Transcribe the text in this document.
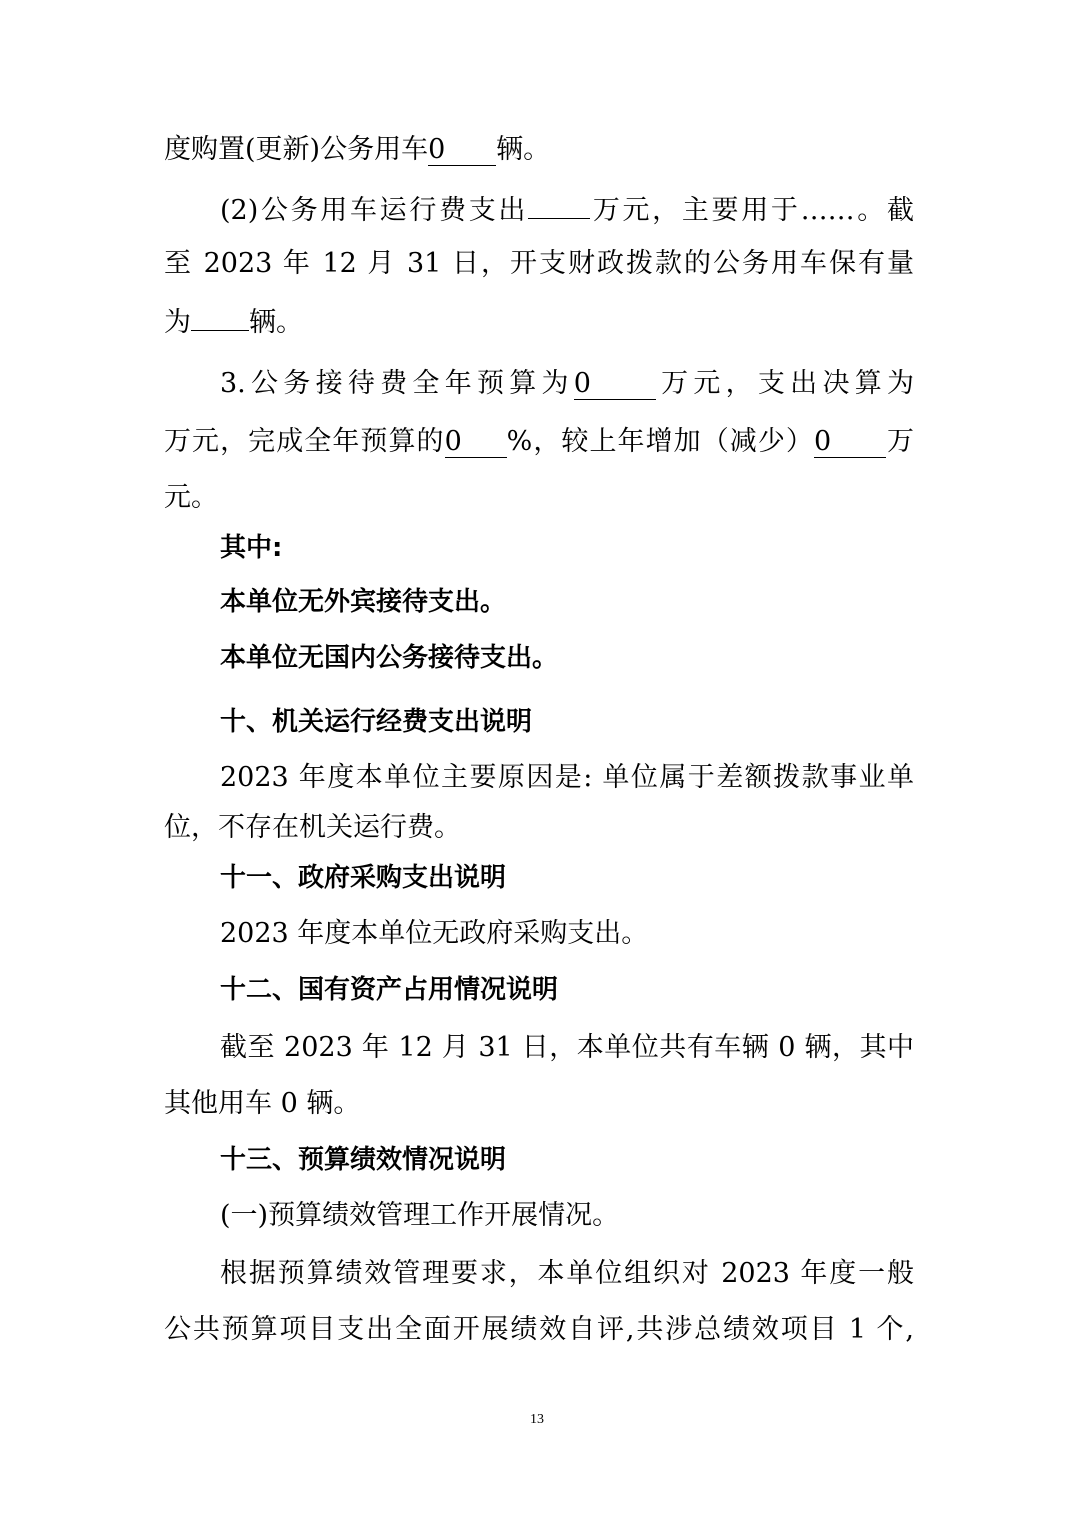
度购置(更新)公务用车0 辆。
(2)公务用车运行费支出 万元，主要用于……。截
至 2023 年 12 月 31 日，开支财政拨款的公务用车保有量
为 辆。
3.公务接待费全年预算为0 万元，支出决算为
万元，完成全年预算的0 %，较上年增加（减少）0 万
元。
其中:
本单位无外宾接待支出。
本单位无国内公务接待支出。
十、机关运行经费支出说明
2023 年度本单位主要原因是: 单位属于差额拨款事业单
位，不存在机关运行费。
十一、政府采购支出说明
2023 年度本单位无政府采购支出。
十二、国有资产占用情况说明
截至 2023 年 12 月 31 日，本单位共有车辆 0 辆，其中
其他用车 0 辆。
十三、预算绩效情况说明
(一)预算绩效管理工作开展情况。
根据预算绩效管理要求，本单位组织对 2023 年度一般
公共预算项目支出全面开展绩效自评,共涉总绩效项目 1 个,
13
